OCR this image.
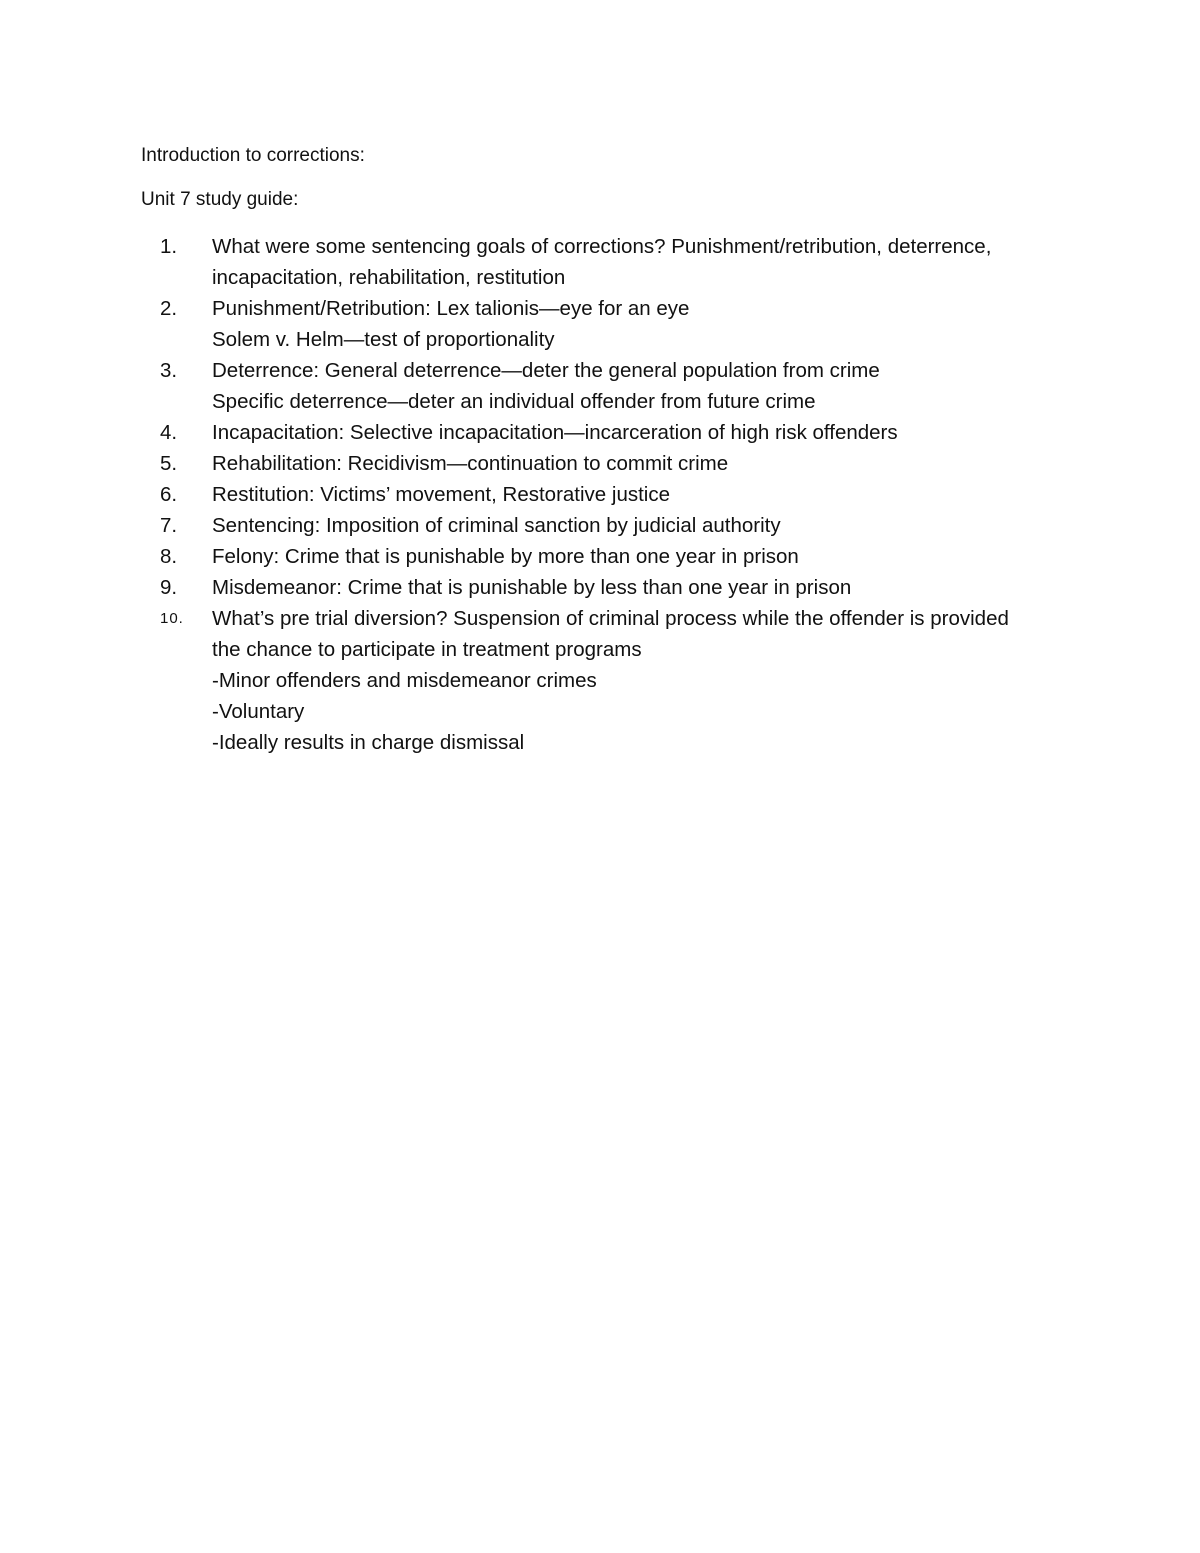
Introduction to corrections:
Unit 7 study guide:
1.	What were some sentencing goals of corrections? Punishment/retribution, deterrence,
incapacitation, rehabilitation, restitution
2.	Punishment/Retribution: Lex talionis—eye for an eye
Solem v. Helm—test of proportionality
3.	Deterrence: General deterrence—deter the general population from crime
Specific deterrence—deter an individual offender from future crime
4.	Incapacitation: Selective incapacitation—incarceration of high risk offenders
5.	Rehabilitation: Recidivism—continuation to commit crime
6.	Restitution: Victims’ movement, Restorative justice
7.	Sentencing: Imposition of criminal sanction by judicial authority
8.	Felony: Crime that is punishable by more than one year in prison
9.	Misdemeanor: Crime that is punishable by less than one year in prison
10.	What’s pre trial diversion? Suspension of criminal process while the offender is provided
the chance to participate in treatment programs
-Minor offenders and misdemeanor crimes
-Voluntary
-Ideally results in charge dismissal
